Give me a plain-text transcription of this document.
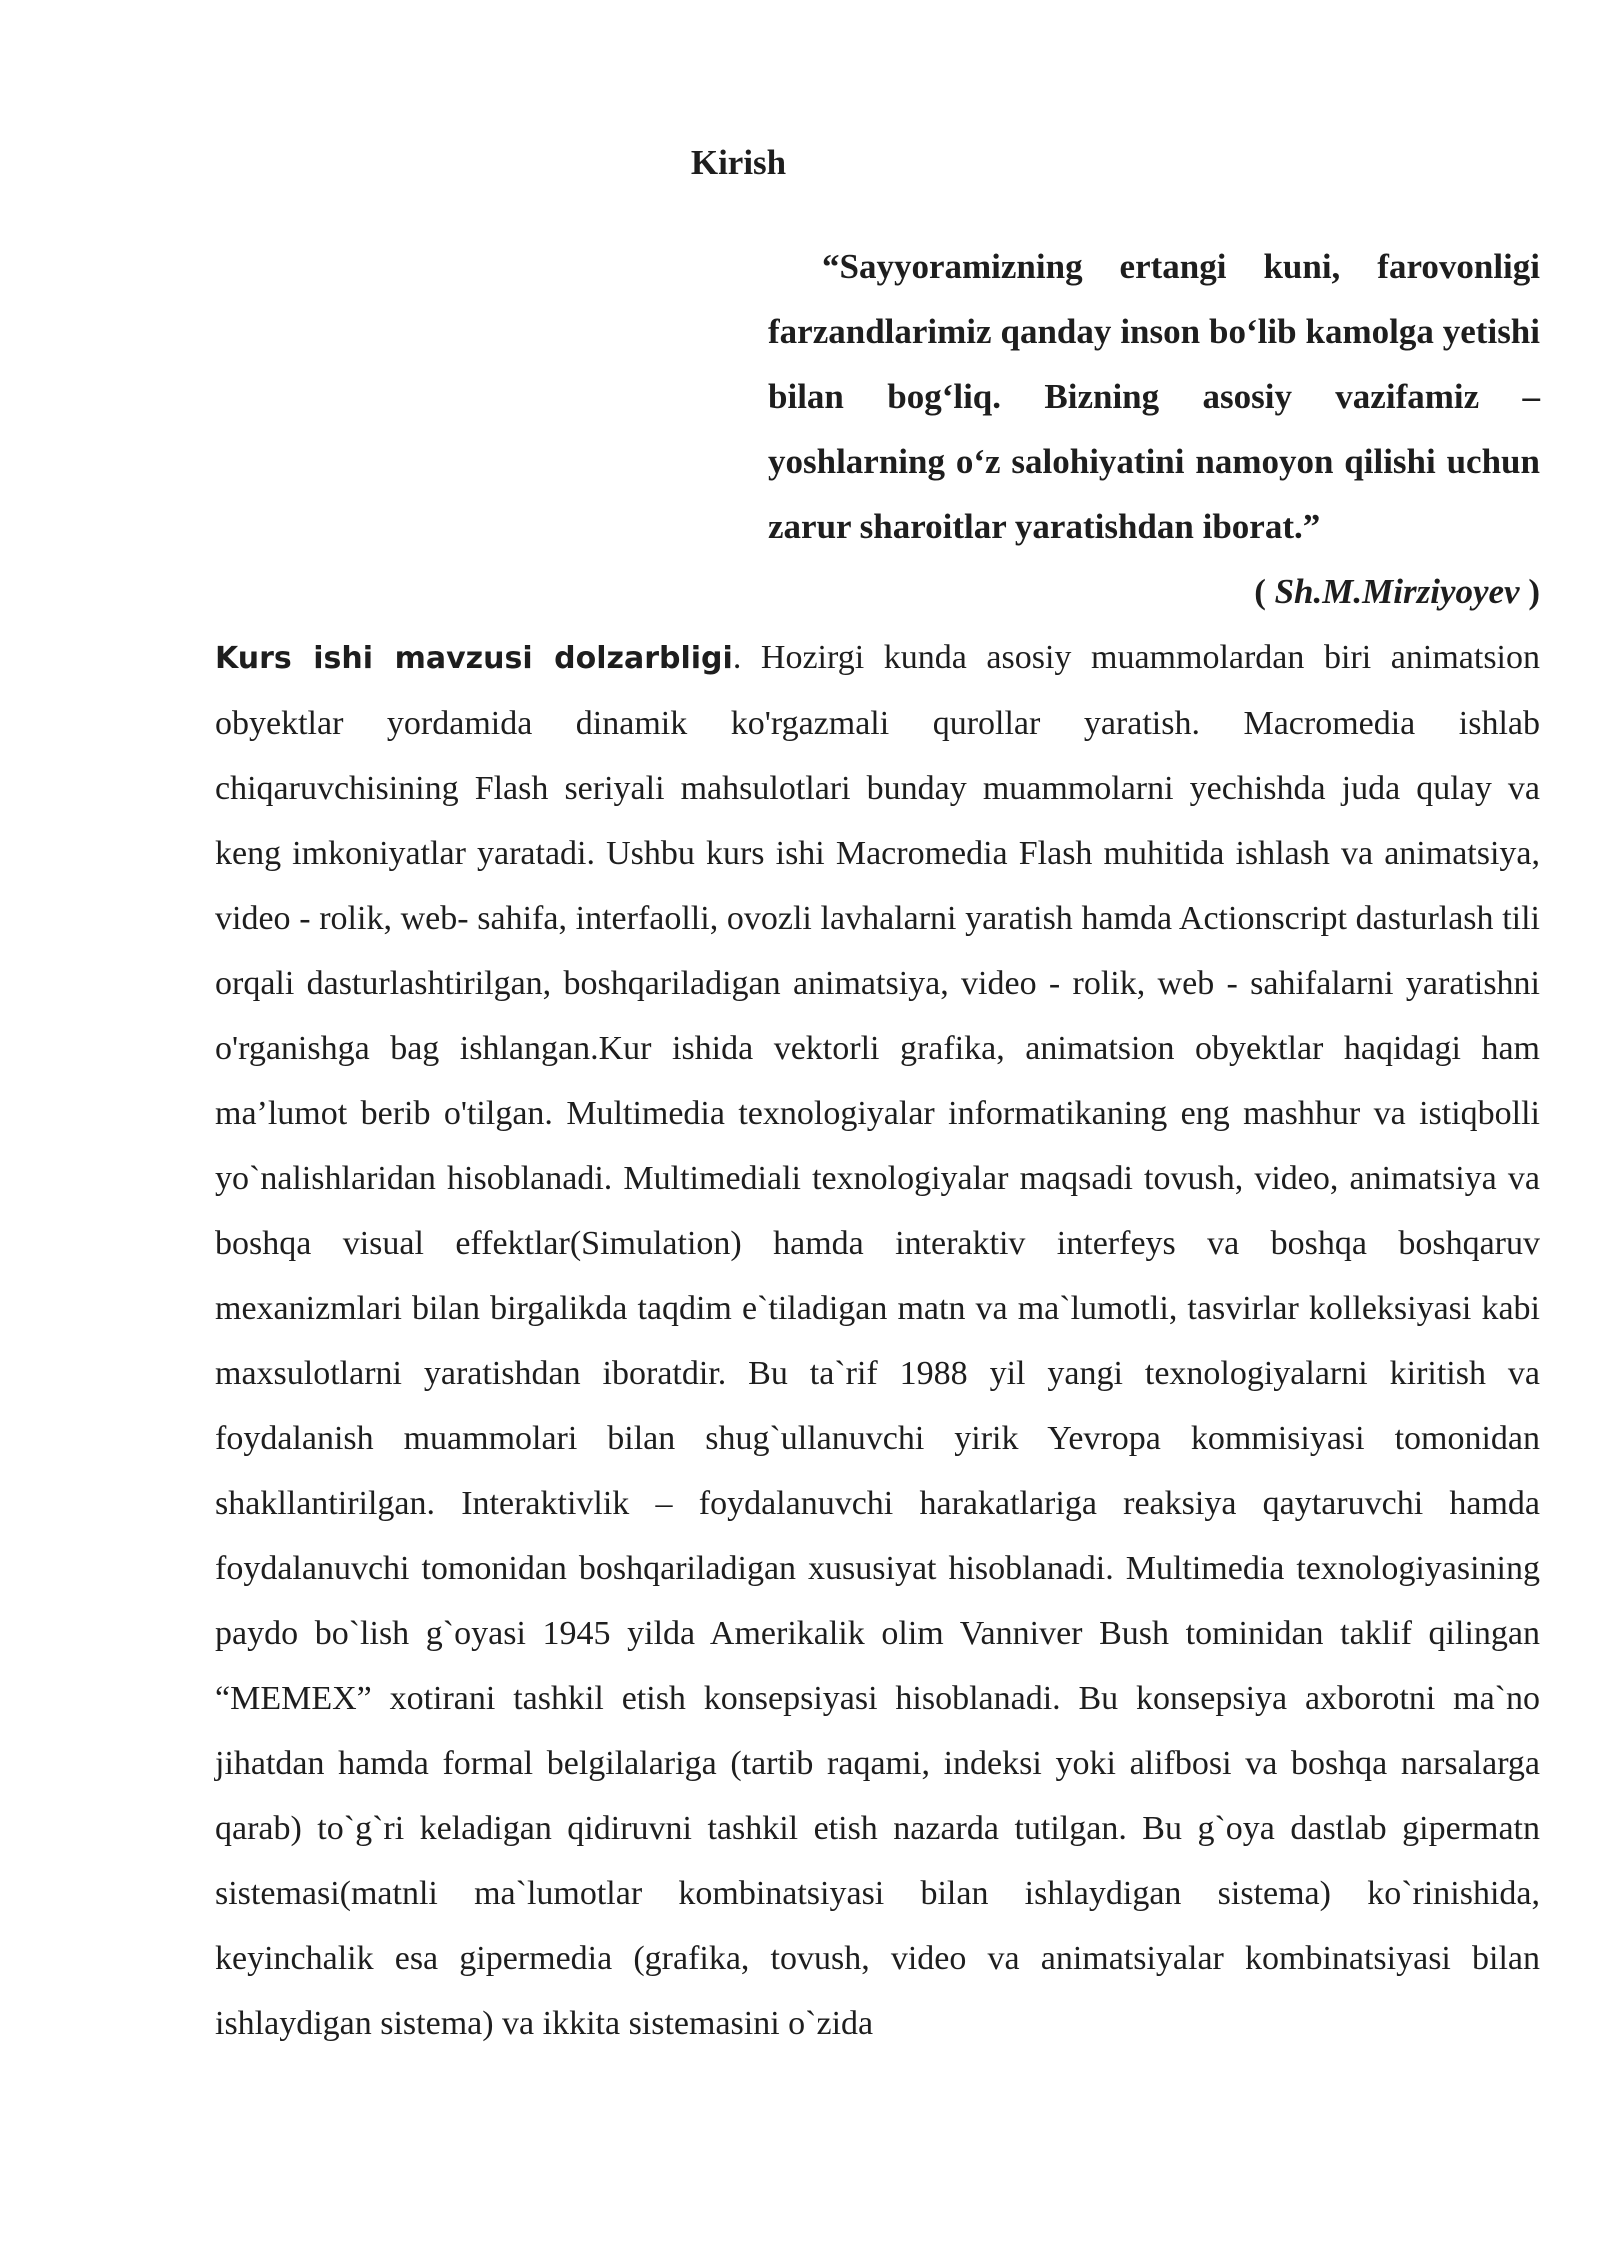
Kirish
“Sayyoramizning ertangi kuni, farovonligi farzandlarimiz qanday inson bo‘lib kamolga yetishi bilan bog‘liq. Bizning asosiy vazifamiz – yoshlarning o‘z salohiyatini namoyon qilishi uchun zarur sharoitlar yaratishdan iborat.”
( Sh.M.Mirziyoyev )

Kurs ishi mavzusi dolzarbligi. Hozirgi kunda asosiy muammolardan biri animatsion obyektlar yordamida dinamik ko'rgazmali qurollar yaratish. Macromedia ishlab chiqaruvchisining Flash seriyali mahsulotlari bunday muammolarni yechishda juda qulay va keng imkoniyatlar yaratadi. Ushbu kurs ishi Macromedia Flash muhitida ishlash va animatsiya, video - rolik, web- sahifa, interfaolli, ovozli lavhalarni yaratish hamda Actionscript dasturlash tili orqali dasturlashtirilgan, boshqariladigan animatsiya, video - rolik, web - sahifalarni yaratishni o'rganishga bag ishlangan.Kur ishida vektorli grafika, animatsion obyektlar haqidagi ham ma’lumot berib o'tilgan. Multimedia texnologiyalar informatikaning eng mashhur va istiqbolli yo`nalishlaridan hisoblanadi. Multimediali texnologiyalar maqsadi tovush, video, animatsiya va boshqa visual effektlar(Simulation) hamda interaktiv interfeys va boshqa boshqaruv mexanizmlari bilan birgalikda taqdim e`tiladigan matn va ma`lumotli, tasvirlar kolleksiyasi kabi maxsulotlarni yaratishdan iboratdir. Bu ta`rif 1988 yil yangi texnologiyalarni kiritish va foydalanish muammolari bilan shug`ullanuvchi yirik Yevropa kommisiyasi tomonidan shakllantirilgan. Interaktivlik – foydalanuvchi harakatlariga reaksiya qaytaruvchi hamda foydalanuvchi tomonidan boshqariladigan xususiyat hisoblanadi. Multimedia texnologiyasining paydo bo`lish g`oyasi 1945 yilda Amerikalik olim Vanniver Bush tominidan taklif qilingan “MEMEX” xotirani tashkil etish konsepsiyasi hisoblanadi. Bu konsepsiya axborotni ma`no jihatdan hamda formal belgilalariga (tartib raqami, indeksi yoki alifbosi va boshqa narsalarga qarab) to`g`ri keladigan qidiruvni tashkil etish nazarda tutilgan. Bu g`oya dastlab gipermatn sistemasi(matnli ma`lumotlar kombinatsiyasi bilan ishlaydigan sistema) ko`rinishida, keyinchalik esa gipermedia (grafika, tovush, video va animatsiyalar kombinatsiyasi bilan ishlaydigan sistema) va ikkita sistemasini o`zida
